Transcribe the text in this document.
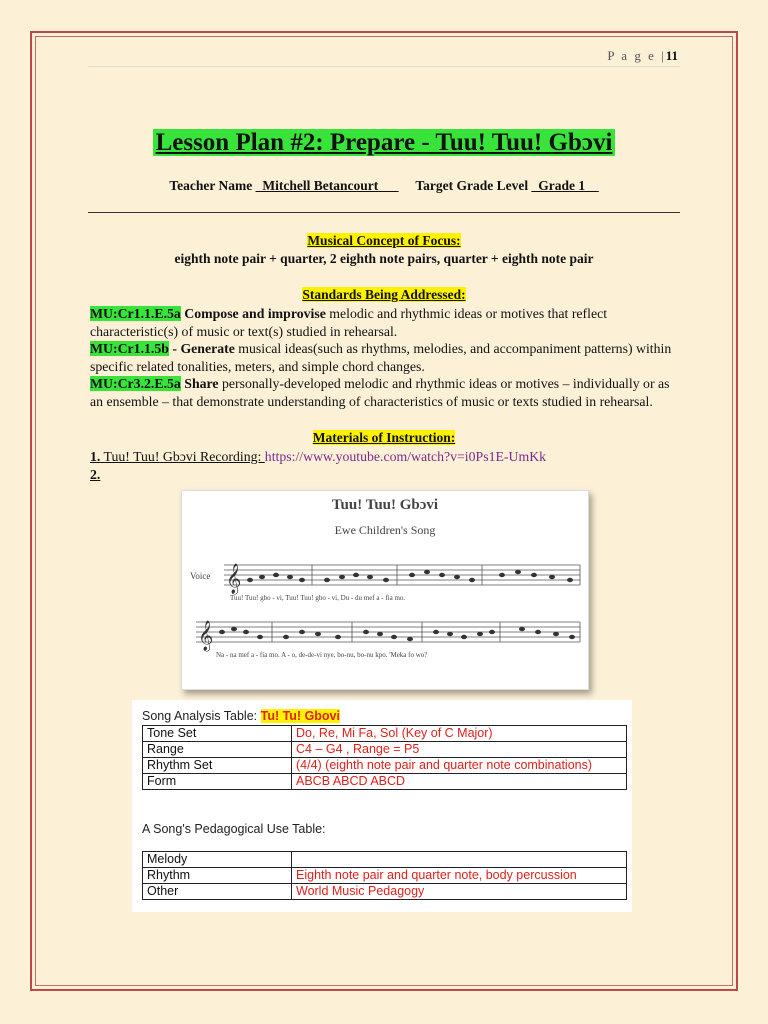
P a g e |11
Lesson Plan #2: Prepare - Tuu! Tuu! Gbɔvi
Teacher Name _Mitchell Betancourt___ Target Grade Level _Grade 1__
Musical Concept of Focus:
eighth note pair + quarter, 2 eighth note pairs, quarter + eighth note pair
Standards Being Addressed:
MU:Cr1.1.E.5a Compose and improvise melodic and rhythmic ideas or motives that reflect characteristic(s) of music or text(s) studied in rehearsal.
MU:Cr1.1.5b - Generate musical ideas(such as rhythms, melodies, and accompaniment patterns) within specific related tonalities, meters, and simple chord changes.
MU:Cr3.2.E.5a Share personally-developed melodic and rhythmic ideas or motives – individually or as an ensemble – that demonstrate understanding of characteristics of music or texts studied in rehearsal.
Materials of Instruction:
1. Tuu! Tuu! Gbɔvi Recording: https://www.youtube.com/watch?v=i0Ps1E-UmKk
2.
Tuu! Tuu! Gbɔvi
Ewe Children's Song
Voice 𝄞
𝄞
Tuu! Tuu! gbo - vi, Tuu! Tuu! gbo - vi, Du - du mef a - fia mo.
Na - na mef a - fia mo. A - o, de-de-vi nye, bo-nu, bo-nu kpo. 'Meka fo wo?
Song Analysis Table: Tu! Tu! Gbovi
Tone Set	Do, Re, Mi Fa, Sol (Key of C Major)
Range	C4 – G4 , Range = P5
Rhythm Set	(4/4) (eighth note pair and quarter note combinations)
Form	ABCB ABCD ABCD
A Song's Pedagogical Use Table:
Melody	
Rhythm	Eighth note pair and quarter note, body percussion
Other	World Music Pedagogy
